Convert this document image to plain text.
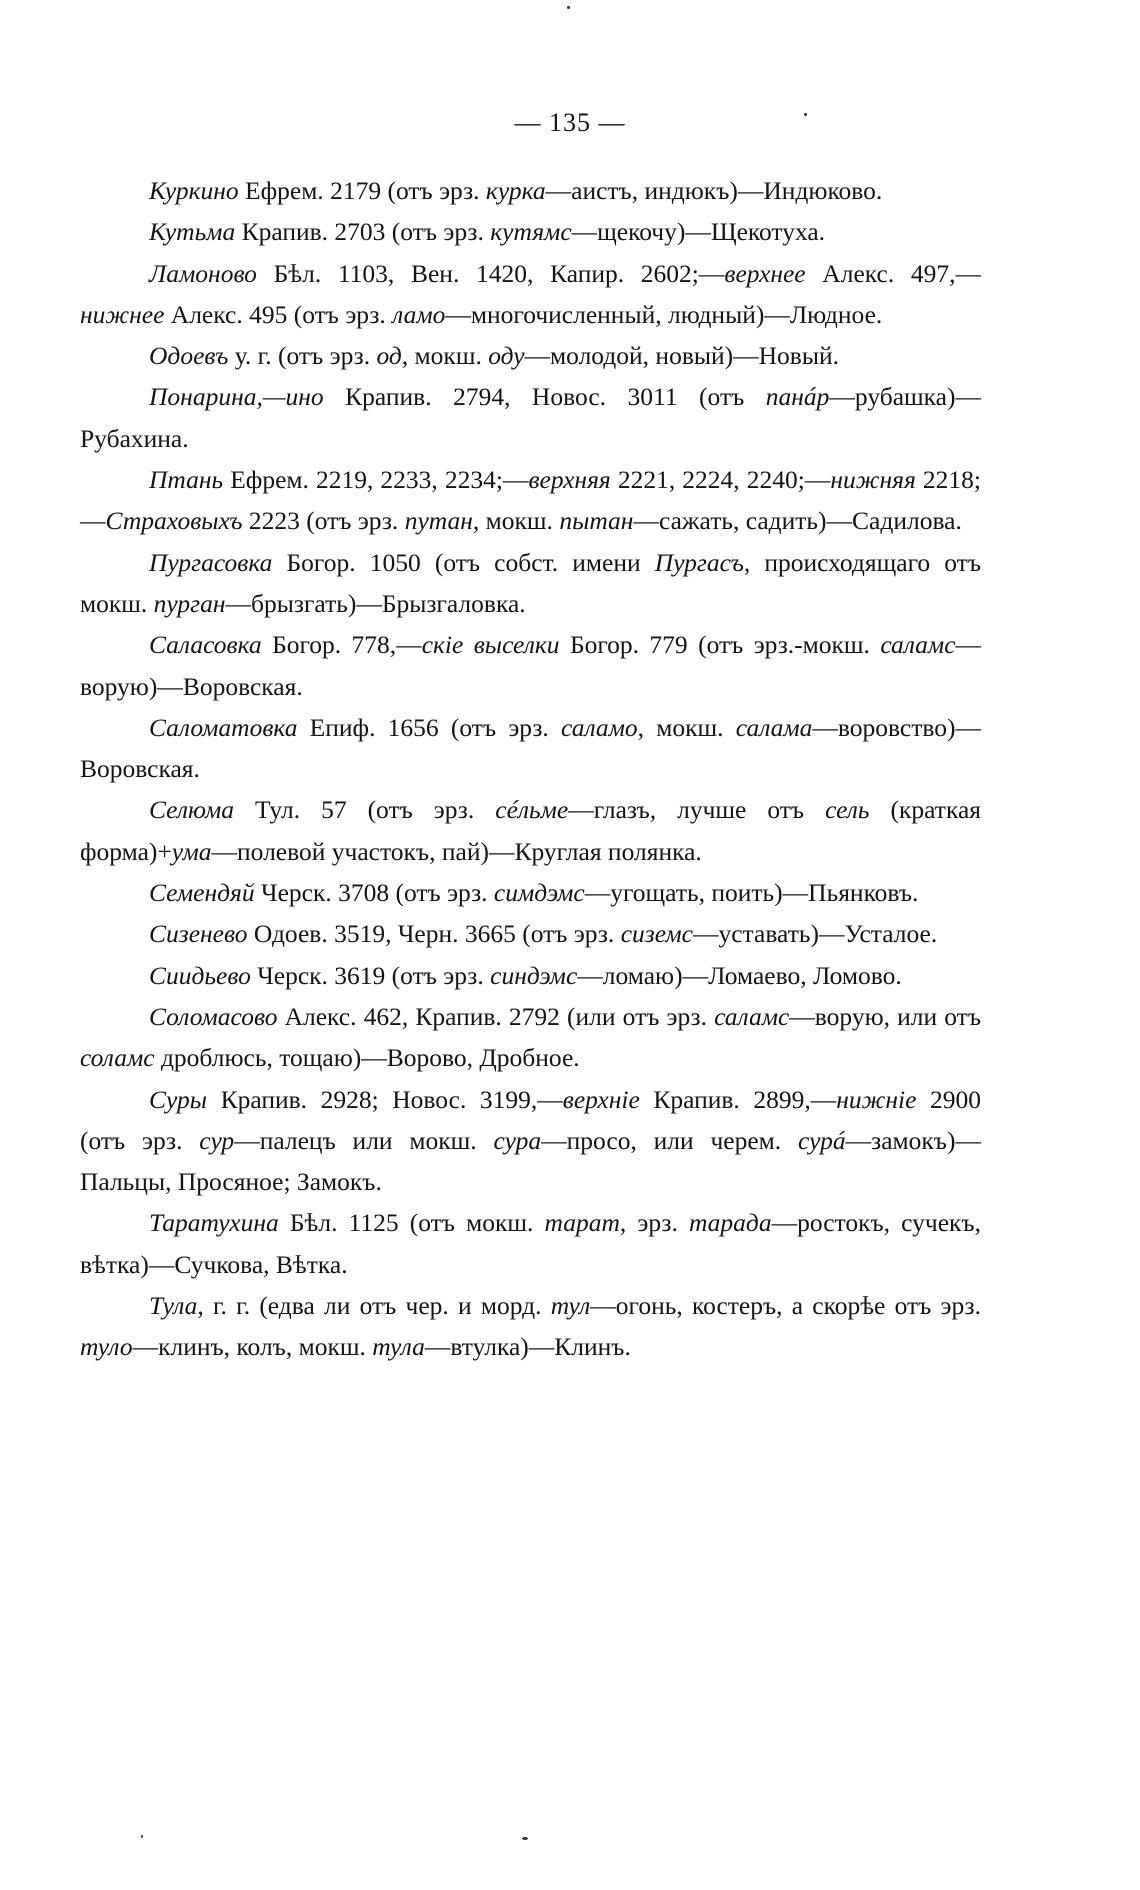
— 135 —

Куркино Ефрем. 2179 (отъ эрз. курка—аистъ, индюкъ)—Индюково.

Кутьма Крапив. 2703 (отъ эрз. кутямс—щекочу)—Щекотуха.

Ламоново Бѣл. 1103, Вен. 1420, Капир. 2602;—верхнее Алекс. 497,—нижнее Алекс. 495 (отъ эрз. ламо—многочисленный, людный)—Людное.

Одоевъ у. г. (отъ эрз. од, мокш. оду—молодой, новый)—Новый.

Понарина,—ино Крапив. 2794, Новос. 3011 (отъ панáр—рубашка)—Рубахина.

Птань Ефрем. 2219, 2233, 2234;—верхняя 2221, 2224, 2240;—нижняя 2218;—Страховыхъ 2223 (отъ эрз. путан, мокш. пытан—сажать, садить)—Садилова.

Пургасовка Богор. 1050 (отъ собст. имени Пургасъ, происходящаго отъ мокш. пурган—брызгать)—Брызгаловка.

Саласовка Богор. 778,—скіе выселки Богор. 779 (отъ эрз.-мокш. саламс—ворую)—Воровская.

Саломатовка Епиф. 1656 (отъ эрз. саламо, мокш. салама—воровство)—Воровская.

Селюма Тул. 57 (отъ эрз. сéльме—глазъ, лучше отъ сель (краткая форма)+ума—полевой участокъ, пай)—Круглая полянка.

Семендяй Черск. 3708 (отъ эрз. симдэмс—угощать, поить)—Пьянковъ.

Сизенево Одоев. 3519, Черн. 3665 (отъ эрз. сиземс—уставать)—Усталое.

Сиидьево Черск. 3619 (отъ эрз. синдэмс—ломаю)—Ломаево, Ломово.

Соломасово Алекс. 462, Крапив. 2792 (или отъ эрз. саламс—ворую, или отъ соламс дроблюсь, тощаю)—Ворово, Дробное.

Суры Крапив. 2928; Новос. 3199,—верхніе Крапив. 2899,—нижніе 2900 (отъ эрз. сур—палецъ или мокш. сура—просо, или черем. сурá—замокъ)—Пальцы, Просяное; Замокъ.

Таратухина Бѣл. 1125 (отъ мокш. тарат, эрз. тарада—ростокъ, сучекъ, вѣтка)—Сучкова, Вѣтка.

Тула, г. г. (едва ли отъ чер. и морд. тул—огонь, костеръ, а скорѣе отъ эрз. туло—клинъ, колъ, мокш. тула—втулка)—Клинъ.
